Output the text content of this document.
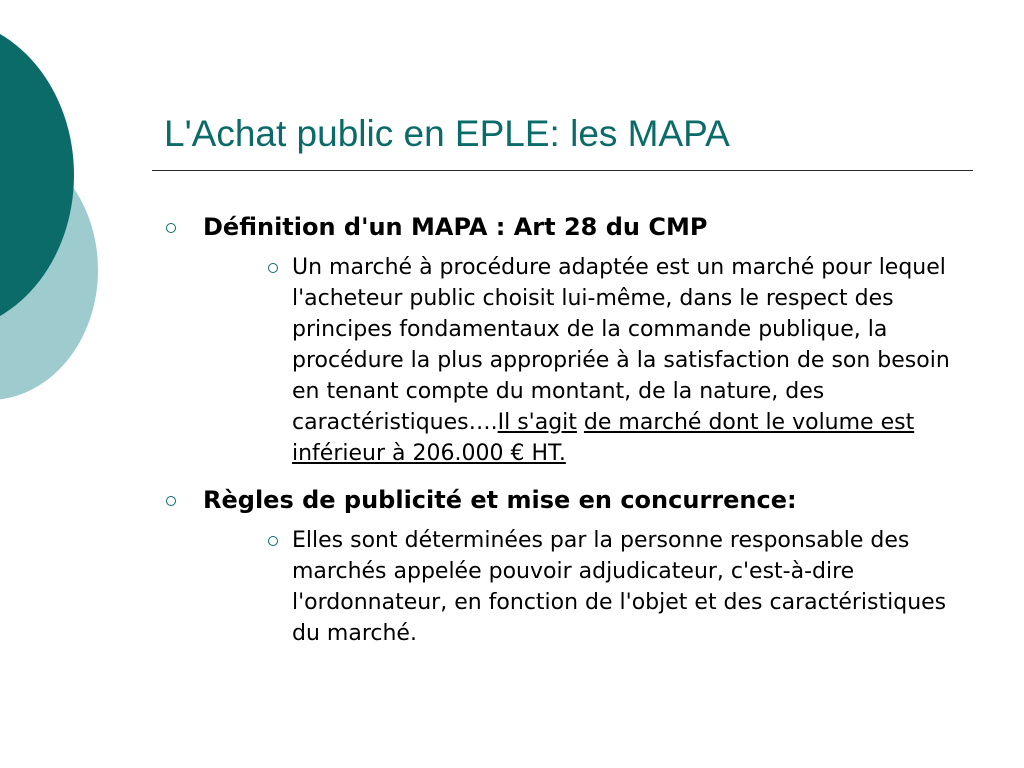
L'Achat public en EPLE: les MAPA
Définition d'un MAPA : Art 28 du CMP
Un marché à procédure adaptée est un marché pour lequel l'acheteur public choisit lui-même, dans le respect des principes fondamentaux de la commande publique, la procédure la plus appropriée à la satisfaction de son besoin en tenant compte du montant, de la nature, des caractéristiques….Il s'agit de marché dont le volume est inférieur à 206.000 € HT.
Règles de publicité et mise en concurrence:
Elles sont déterminées par la personne responsable des marchés appelée pouvoir adjudicateur, c'est-à-dire l'ordonnateur, en fonction de l'objet et des caractéristiques du marché.
